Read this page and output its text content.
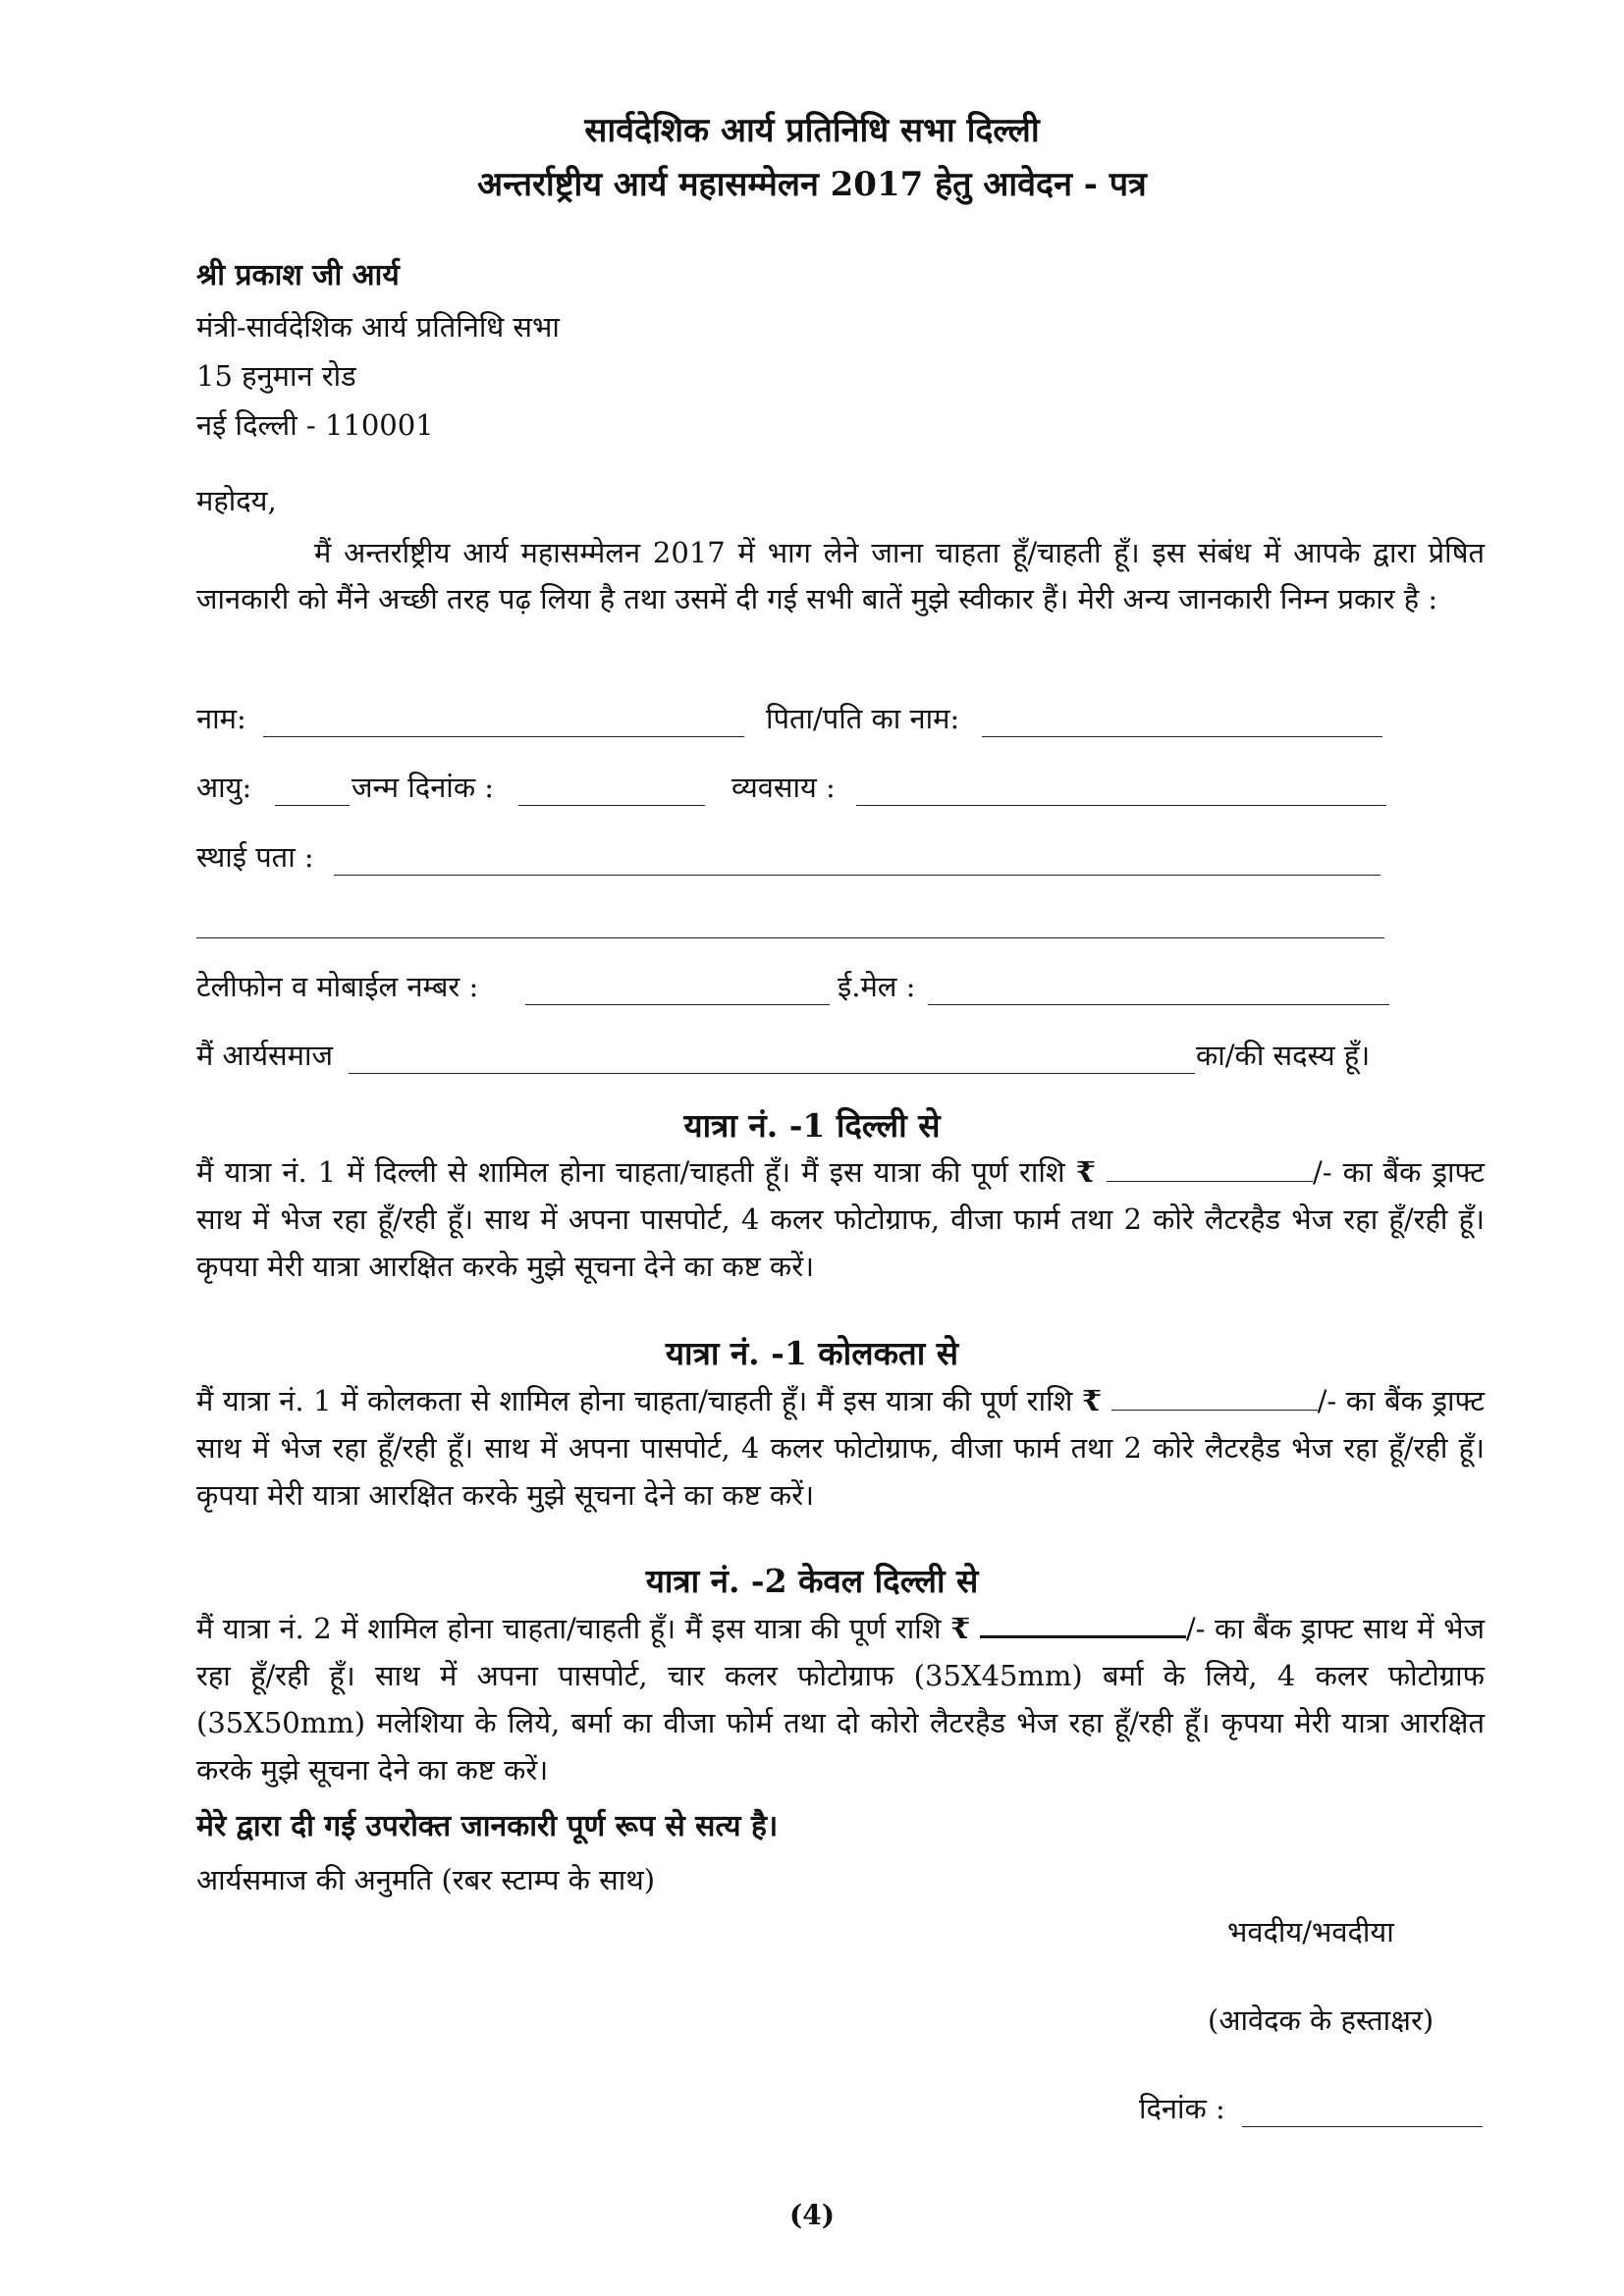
सार्वदेशिक आर्य प्रतिनिधि सभा दिल्ली
अन्तर्राष्ट्रीय आर्य महासम्मेलन 2017 हेतु आवेदन - पत्र
श्री प्रकाश जी आर्य
मंत्री-सार्वदेशिक आर्य प्रतिनिधि सभा
15 हनुमान रोड
नई दिल्ली - 110001
महोदय,
मैं अन्तर्राष्ट्रीय आर्य महासम्मेलन 2017 में भाग लेने जाना चाहता हूँ/चाहती हूँ। इस संबंध में आपके द्वारा प्रेषित जानकारी को मैंने अच्छी तरह पढ़ लिया है तथा उसमें दी गई सभी बातें मुझे स्वीकार हैं। मेरी अन्य जानकारी निम्न प्रकार है :
नाम:	पिता/पति का नाम:
आयु:	जन्म दिनांक :	व्यवसाय :
स्थाई पता :
टेलीफोन व मोबाईल नम्बर :	ई.मेल :
मैं आर्यसमाज	का/की सदस्य हूँ।
यात्रा नं. -1 दिल्ली से
मैं यात्रा नं. 1 में दिल्ली से शामिल होना चाहता/चाहती हूँ। मैं इस यात्रा की पूर्ण राशि ₹	/- का बैंक ड्राफ्ट साथ में भेज रहा हूँ/रही हूँ। साथ में अपना पासपोर्ट, 4 कलर फोटोग्राफ, वीजा फार्म तथा 2 कोरे लैटरहैड भेज रहा हूँ/रही हूँ। कृपया मेरी यात्रा आरक्षित करके मुझे सूचना देने का कष्ट करें।
यात्रा नं. -1 कोलकता से
मैं यात्रा नं. 1 में कोलकता से शामिल होना चाहता/चाहती हूँ। मैं इस यात्रा की पूर्ण राशि ₹	/- का बैंक ड्राफ्ट साथ में भेज रहा हूँ/रही हूँ। साथ में अपना पासपोर्ट, 4 कलर फोटोग्राफ, वीजा फार्म तथा 2 कोरे लैटरहैड भेज रहा हूँ/रही हूँ। कृपया मेरी यात्रा आरक्षित करके मुझे सूचना देने का कष्ट करें।
यात्रा नं. -2 केवल दिल्ली से
मैं यात्रा नं. 2 में शामिल होना चाहता/चाहती हूँ। मैं इस यात्रा की पूर्ण राशि ₹	/- का बैंक ड्राफ्ट साथ में भेज रहा हूँ/रही हूँ। साथ में अपना पासपोर्ट, चार कलर फोटोग्राफ (35X45mm) बर्मा के लिये, 4 कलर फोटोग्राफ (35X50mm) मलेशिया के लिये, बर्मा का वीजा फोर्म तथा दो कोरो लैटरहैड भेज रहा हूँ/रही हूँ। कृपया मेरी यात्रा आरक्षित करके मुझे सूचना देने का कष्ट करें।
मेरे द्वारा दी गई उपरोक्त जानकारी पूर्ण रूप से सत्य है।
आर्यसमाज की अनुमति (रबर स्टाम्प के साथ)
भवदीय/भवदीया
(आवेदक के हस्ताक्षर)
दिनांक :
(4)
